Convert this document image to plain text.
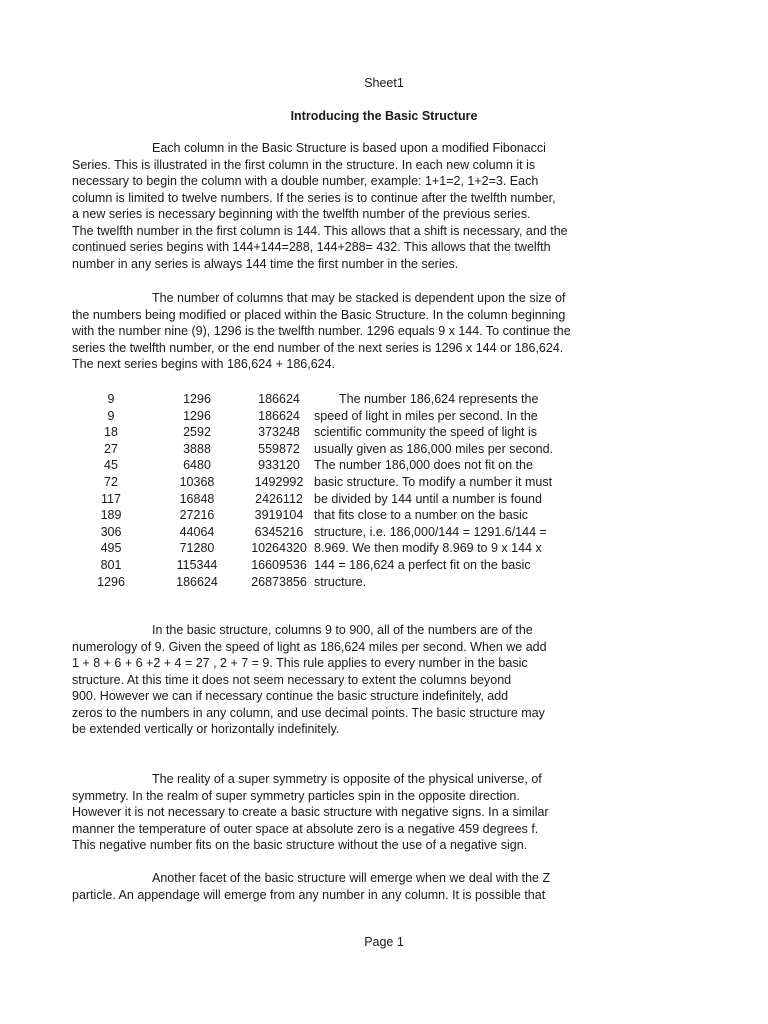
Sheet1
Introducing the Basic Structure
Each column in the Basic Structure is based upon a modified Fibonacci
Series. This is illustrated in the first column in the structure. In each new column it is
necessary to begin the column with a double number, example: 1+1=2, 1+2=3. Each
column is limited to twelve numbers. If the series is to continue after the twelfth number,
a new series is necessary beginning with the twelfth number of the previous series.
The twelfth number in the first column is 144. This allows that a shift is necessary, and the
continued series begins with 144+144=288, 144+288= 432. This allows that the twelfth
number in any series is always 144 time the first number in the series.
The number of columns that may be stacked is dependent upon the size of
the numbers being modified or placed within the Basic Structure. In the column beginning
with the number nine (9), 1296 is the twelfth number. 1296 equals 9 x 144. To continue the
series the twelfth number, or the end number of the next series is 1296 x 144 or 186,624.
The next series begins with 186,624 + 186,624.
9	1296	186624
9	1296	186624
18	2592	373248
27	3888	559872
45	6480	933120
72	10368	1492992
117	16848	2426112
189	27216	3919104
306	44064	6345216
495	71280	10264320
801	115344	16609536
1296	186624	26873856
The number 186,624 represents the
speed of light in miles per second. In the
scientific community the speed of light is
usually given as 186,000 miles per second.
The number 186,000 does not fit on the
basic structure. To modify a number it must
be divided by 144 until a number is found
that fits close to a number on the basic
structure, i.e. 186,000/144 = 1291.6/144 =
8.969. We then modify 8.969 to 9 x 144 x
144 = 186,624 a perfect fit on the basic
structure.
In the basic structure, columns 9 to 900, all of the numbers are of the
numerology of 9. Given the speed of light as 186,624 miles per second. When we add
1 + 8 + 6 + 6 +2 + 4 = 27 , 2 + 7 = 9. This rule applies to every number in the basic
structure. At this time it does not seem necessary to extent the columns beyond
900. However we can if necessary continue the basic structure indefinitely, add
zeros to the numbers in any column, and use decimal points. The basic structure may
be extended vertically or horizontally indefinitely.
The reality of a super symmetry is opposite of the physical universe, of
symmetry. In the realm of super symmetry particles spin in the opposite direction.
However it is not necessary to create a basic structure with negative signs. In a similar
manner the temperature of outer space at absolute zero is a negative 459 degrees f.
This negative number fits on the basic structure without the use of a negative sign.
Another facet of the basic structure will emerge when we deal with the Z
particle. An appendage will emerge from any number in any column. It is possible that
Page 1
